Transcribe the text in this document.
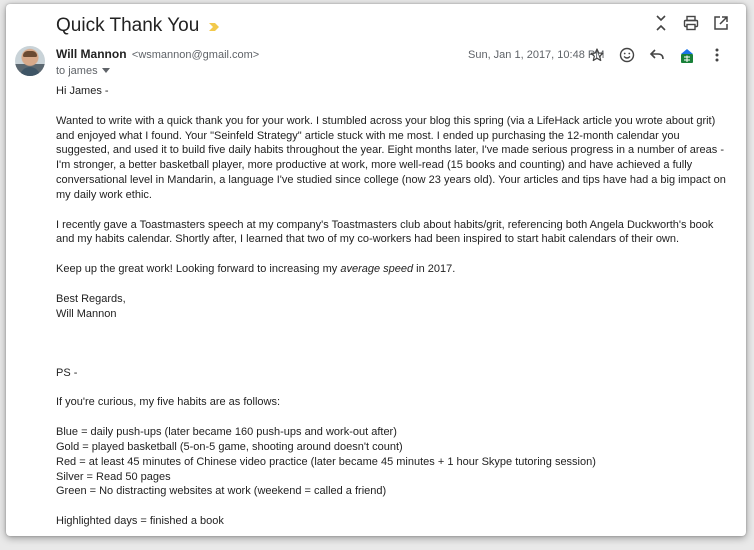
Quick Thank You
Will Mannon <wsmannon@gmail.com>
to james
Sun, Jan 1, 2017, 10:48 PM

Hi James -

Wanted to write with a quick thank you for your work. I stumbled across your blog this spring (via a LifeHack article you wrote about grit) and enjoyed what I found. Your "Seinfeld Strategy" article stuck with me most. I ended up purchasing the 12-month calendar you suggested, and used it to build five daily habits throughout the year. Eight months later, I've made serious progress in a number of areas - I'm stronger, a better basketball player, more productive at work, more well-read (15 books and counting) and have achieved a fully conversational level in Mandarin, a language I've studied since college (now 23 years old). Your articles and tips have had a big impact on my daily work ethic.

I recently gave a Toastmasters speech at my company's Toastmasters club about habits/grit, referencing both Angela Duckworth's book and my habits calendar. Shortly after, I learned that two of my co-workers had been inspired to start habit calendars of their own.

Keep up the great work! Looking forward to increasing my average speed in 2017.

Best Regards,

Will Mannon

PS -

If you're curious, my five habits are as follows:

Blue = daily push-ups (later became 160 push-ups and work-out after)

Gold = played basketball (5-on-5 game, shooting around doesn't count)

Red = at least 45 minutes of Chinese video practice (later became 45 minutes + 1 hour Skype tutoring session)

Silver = Read 50 pages

Green = No distracting websites at work (weekend = called a friend)

Highlighted days = finished a book
